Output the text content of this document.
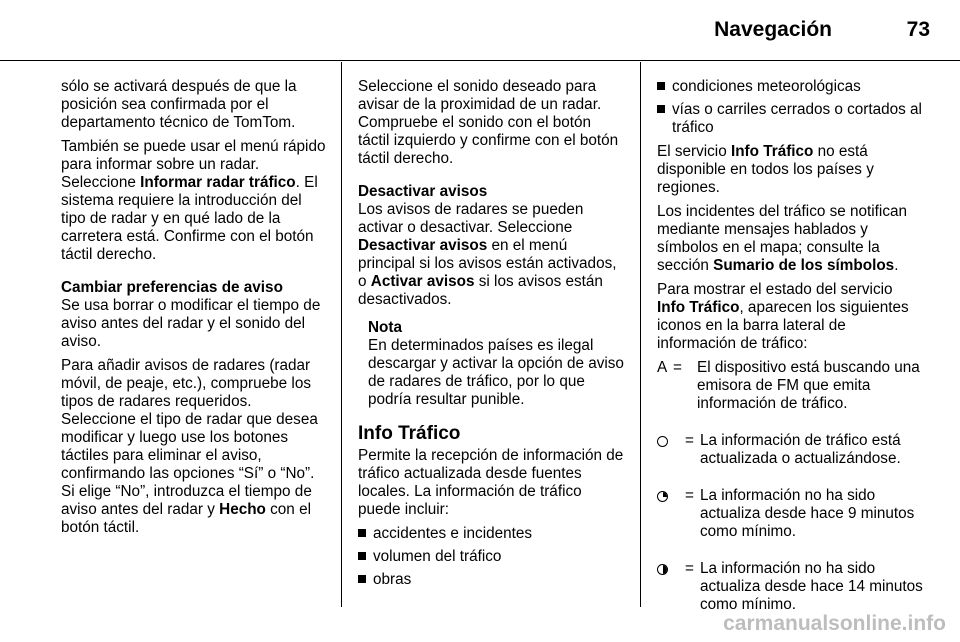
Navegación	73

sólo se activará después de que la posición sea confirmada por el departamento técnico de TomTom.

También se puede usar el menú rápido para informar sobre un radar. Seleccione Informar radar tráfico. El sistema requiere la introducción del tipo de radar y en qué lado de la carretera está. Confirme con el botón táctil derecho.

Cambiar preferencias de aviso

Se usa borrar o modificar el tiempo de aviso antes del radar y el sonido del aviso.

Para añadir avisos de radares (radar móvil, de peaje, etc.), compruebe los tipos de radares requeridos. Seleccione el tipo de radar que desea modificar y luego use los botones táctiles para eliminar el aviso, confirmando las opciones “Sí” o “No”. Si elige “No”, introduzca el tiempo de aviso antes del radar y Hecho con el botón táctil.

Seleccione el sonido deseado para avisar de la proximidad de un radar. Compruebe el sonido con el botón táctil izquierdo y confirme con el botón táctil derecho.

Desactivar avisos

Los avisos de radares se pueden activar o desactivar. Seleccione Desactivar avisos en el menú principal si los avisos están activados, o Activar avisos si los avisos están desactivados.

Nota
En determinados países es ilegal descargar y activar la opción de aviso de radares de tráfico, por lo que podría resultar punible.
Info Tráfico

Permite la recepción de información de tráfico actualizada desde fuentes locales. La información de tráfico puede incluir:

accidentes e incidentes
volumen del tráfico
obras
condiciones meteorológicas
vías o carriles cerrados o cortados al tráfico

El servicio Info Tráfico no está disponible en todos los países y regiones.

Los incidentes del tráfico se notifican mediante mensajes hablados y símbolos en el mapa; consulte la sección Sumario de los símbolos.

Para mostrar el estado del servicio Info Tráfico, aparecen los siguientes iconos en la barra lateral de información de tráfico:

A = El dispositivo está buscando una emisora de FM que emita información de tráfico.
= La información de tráfico está actualizada o actualizándose.
= La información no ha sido actualiza desde hace 9 minutos como mínimo.
= La información no ha sido actualiza desde hace 14 minutos como mínimo.
carmanualsonline.info
